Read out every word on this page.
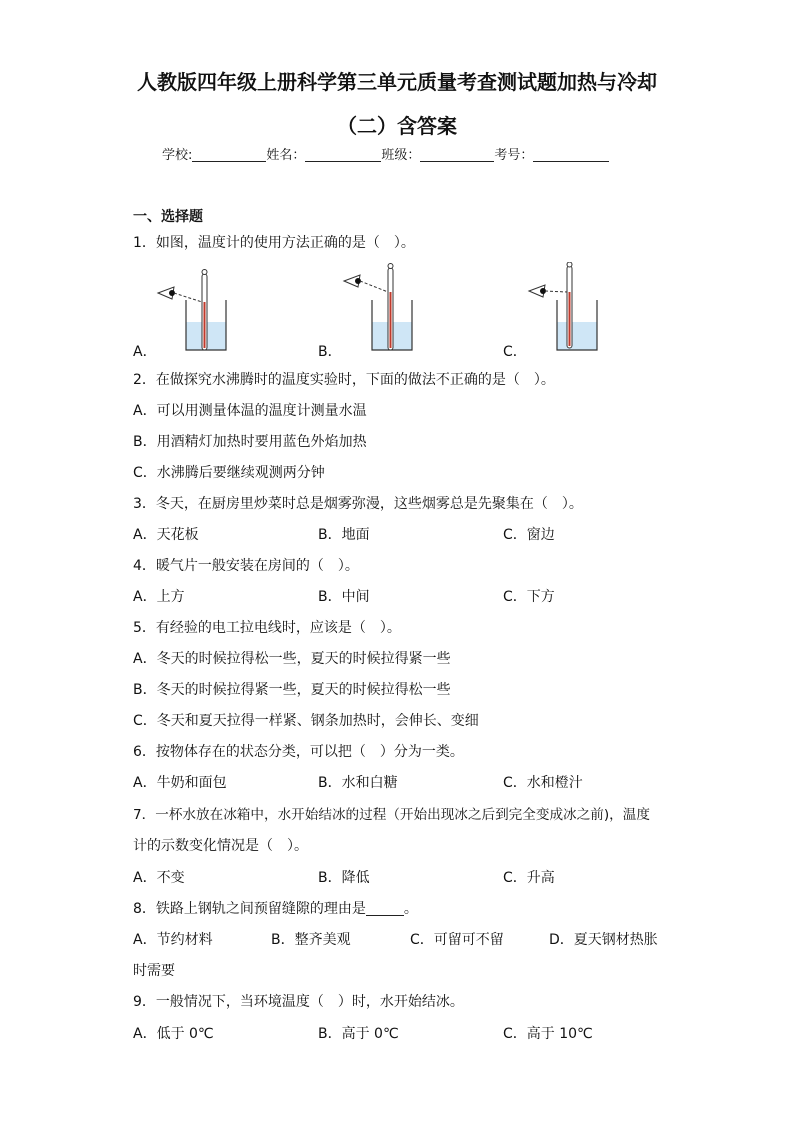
人教版四年级上册科学第三单元质量考查测试题加热与冷却
（二）含答案
学校:	姓名：	班级：	考号：
一、选择题
1．如图，温度计的使用方法正确的是（　）。
A．	B．	C．
2．在做探究水沸腾时的温度实验时，下面的做法不正确的是（　）。
A．可以用测量体温的温度计测量水温
B．用酒精灯加热时要用蓝色外焰加热
C．水沸腾后要继续观测两分钟
3．冬天，在厨房里炒菜时总是烟雾弥漫，这些烟雾总是先聚集在（　）。
A．天花板	B．地面	C．窗边
4．暖气片一般安装在房间的（　）。
A．上方	B．中间	C．下方
5．有经验的电工拉电线时，应该是（　）。
A．冬天的时候拉得松一些，夏天的时候拉得紧一些
B．冬天的时候拉得紧一些，夏天的时候拉得松一些
C．冬天和夏天拉得一样紧、钢条加热时，会伸长、变细
6．按物体存在的状态分类，可以把（　）分为一类。
A．牛奶和面包	B．水和白糖	C．水和橙汁
7．一杯水放在冰箱中，水开始结冰的过程（开始出现冰之后到完全变成冰之前)，温度
计的示数变化情况是（　）。
A．不变	B．降低	C．升高
8．铁路上钢轨之间预留缝隙的理由是	。
A．节约材料	B．整齐美观	C．可留可不留	D．夏天钢材热胀
时需要
9．一般情况下，当环境温度（　）时，水开始结冰。
A．低于 0℃	B．高于 0℃	C．高于 10℃
